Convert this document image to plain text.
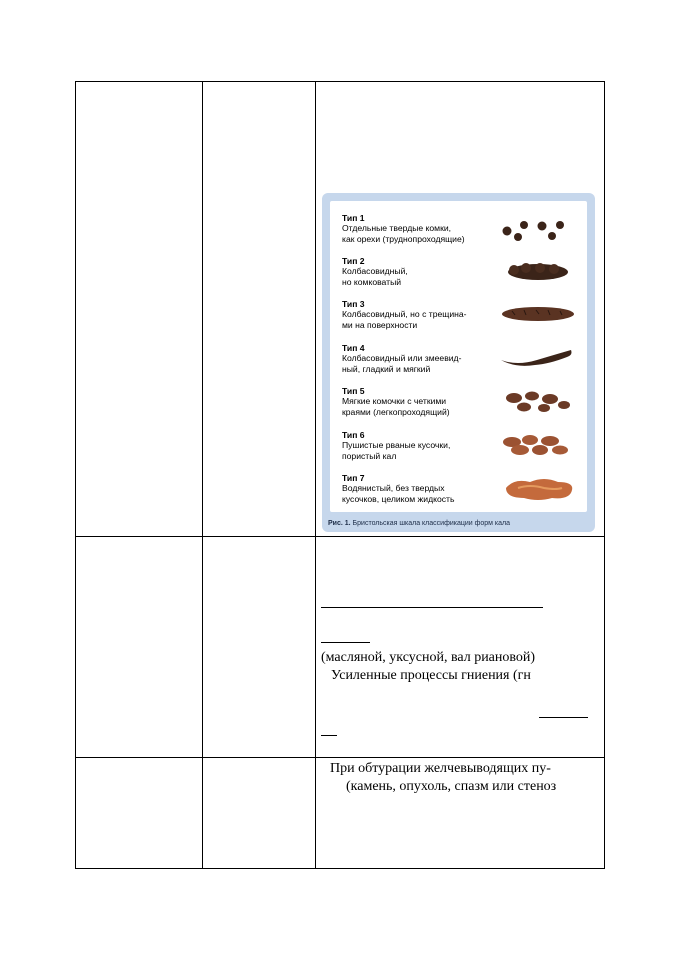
Тип 1
Отдельные твердые комки,
как орехи (труднопроходящие)
Тип 2
Колбасовидный,
но комковатый
Тип 3
Колбасовидный, но с трещина-
ми на поверхности
Тип 4
Колбасовидный или змеевид-
ный, гладкий и мягкий
Тип 5
Мягкие комочки с четкими
краями (легкопроходящий)
Тип 6
Пушистые рваные кусочки,
пористый кал
Тип 7
Водянистый, без твердых
кусочков, целиком жидкость
Рис. 1. Бристольская шкала классификации форм кала
(масляной, уксусной, вал риановой)
Усиленные процессы гниения (гн
При обтурации желчевыводящих пу-
(камень, опухоль, спазм или стеноз
